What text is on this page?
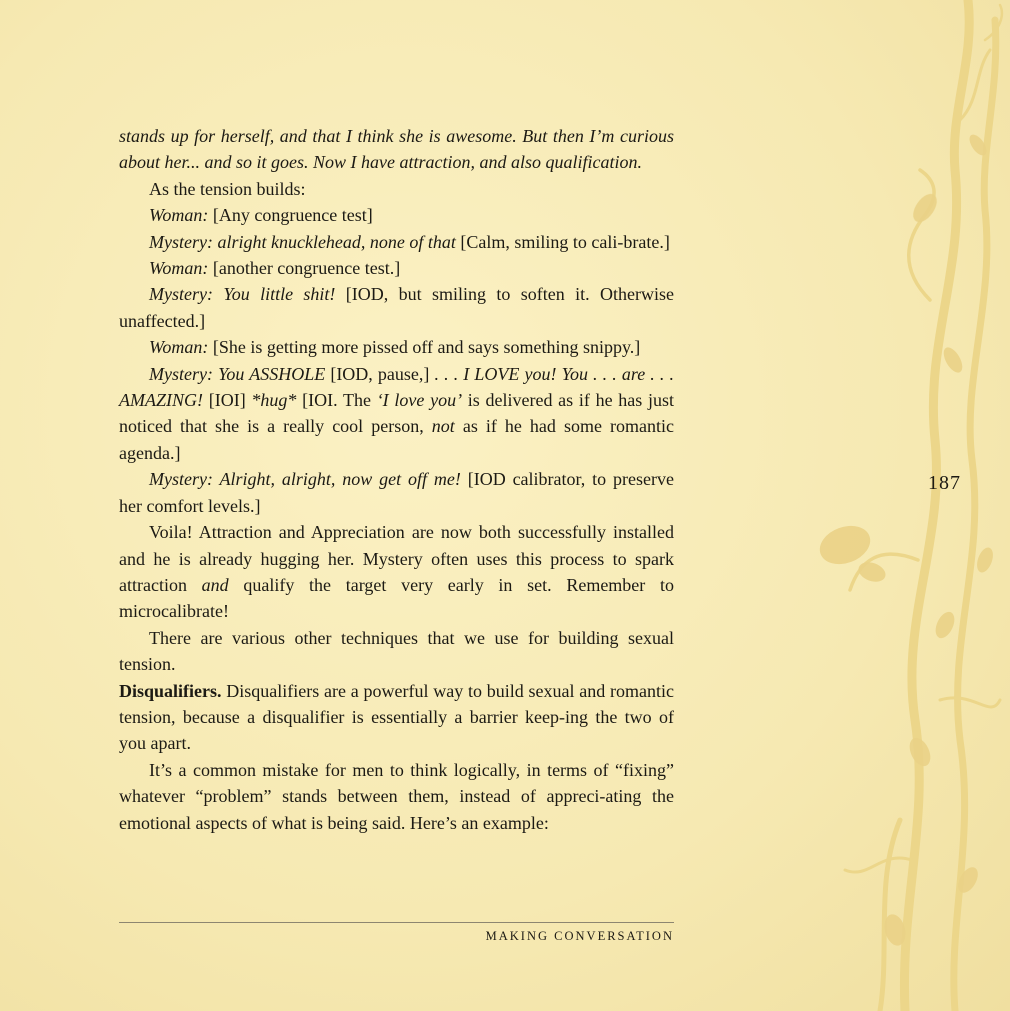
stands up for herself, and that I think she is awesome. But then I’m curious about her... and so it goes. Now I have attraction, and also qualification.

As the tension builds:

Woman: [Any congruence test]

Mystery: alright knucklehead, none of that [Calm, smiling to cali-brate.]

Woman: [another congruence test.]

Mystery: You little shit! [IOD, but smiling to soften it. Otherwise unaffected.]

Woman: [She is getting more pissed off and says something snippy.]

Mystery: You ASSHOLE [IOD, pause,] . . . I LOVE you! You . . . are . . . AMAZING! [IOI] *hug* [IOI. The ‘I love you’ is delivered as if he has just noticed that she is a really cool person, not as if he had some romantic agenda.]

Mystery: Alright, alright, now get off me! [IOD calibrator, to preserve her comfort levels.]

Voila! Attraction and Appreciation are now both successfully installed and he is already hugging her. Mystery often uses this process to spark attraction and qualify the target very early in set. Remember to microcalibrate!

There are various other techniques that we use for building sexual tension.

Disqualifiers. Disqualifiers are a powerful way to build sexual and romantic tension, because a disqualifier is essentially a barrier keep-ing the two of you apart.

It’s a common mistake for men to think logically, in terms of “fixing” whatever “problem” stands between them, instead of appreci-ating the emotional aspects of what is being said. Here’s an example:

187
MAKING CONVERSATION
